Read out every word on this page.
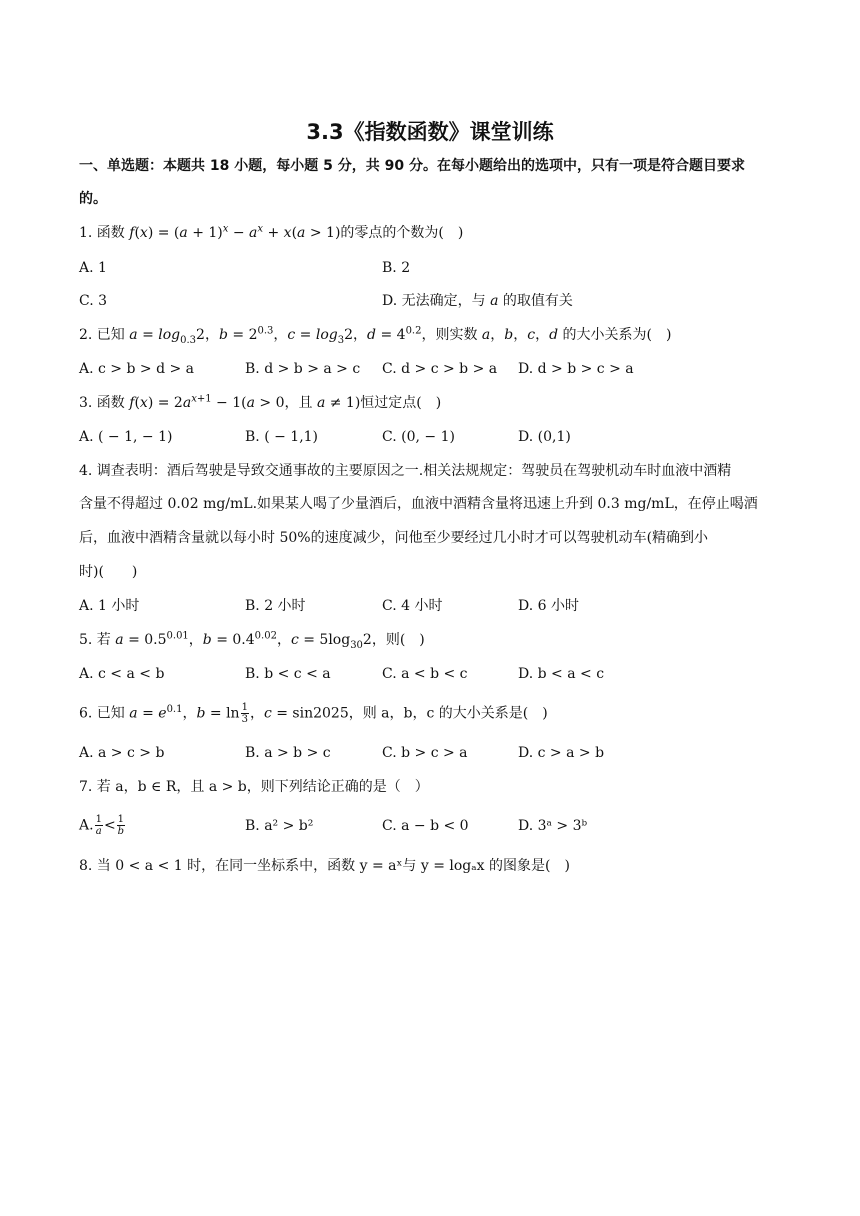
3.3《指数函数》课堂训练
一、单选题：本题共 18 小题，每小题 5 分，共 90 分。在每小题给出的选项中，只有一项是符合题目要求
的。
1. 函数 $f(x) = (a + 1)^x - a^x + x(a > 1)$的零点的个数为(　)
A. 1	B. 2
C. 3	D. 无法确定，与 a 的取值有关
2. 已知 $a = \log_{0.3}2$，$b = 2^{0.3}$，$c = \log_32$，$d = 4^{0.2}$，则实数 a，b，c，d 的大小关系为(　)
A. c > b > d > a	B. d > b > a > c C. d > c > b > a D. d > b > c > a
3. 函数 $f(x) = 2a^{x+1} - 1(a > 0$，且 a ≠ 1)恒过定点(　)
A. ( − 1, − 1)	B. ( − 1,1)	C. (0, − 1)	D. (0,1)
4. 调查表明：酒后驾驶是导致交通事故的主要原因之一.相关法规规定：驾驶员在驾驶机动车时血液中酒精
含量不得超过 0.02 mg/mL.如果某人喝了少量酒后，血液中酒精含量将迅速上升到 0.3 mg/mL，在停止喝酒
后，血液中酒精含量就以每小时 50%的速度减少，问他至少要经过几小时才可以驾驶机动车(精确到小
时)(　　)
A. 1 小时	B. 2 小时	C. 4 小时	D. 6 小时
5. 若 $a = 0.5^{0.01}$，$b = 0.4^{0.02}$，$c = 5\log_{30}2$，则(　)
A. c < a < b	B. b < c < a	C. a < b < c	D. b < a < c
6. 已知 $a = e^{0.1}$，$b = \ln \frac{1}{3}$ ，c = sin2025，则 a，b，c 的大小关系是(　)
A. a > c > b	B. a > b > c	C. b > c > a	D. c > a > b
7. 若 a，b ∈ R，且 a > b，则下列结论正确的是（　）
A. $\frac{1}{a} < \frac{1}{b}$	B. a² > b²	C. a − b < 0	D. 3ᵃ > 3ᵇ
8. 当 0 < a < 1 时，在同一坐标系中，函数 y = aˣ与 y = logₐx 的图象是(　)
